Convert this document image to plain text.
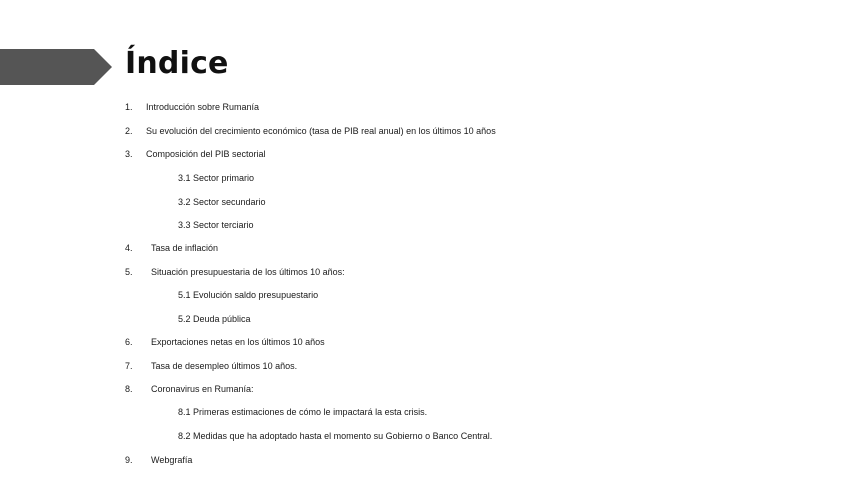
Índice
1. Introducción sobre Rumanía
2. Su evolución del crecimiento económico (tasa de PIB real anual) en los últimos 10 años
3. Composición del PIB sectorial
3.1 Sector primario
3.2 Sector secundario
3.3 Sector terciario
4. Tasa de inflación
5. Situación presupuestaria de los últimos 10 años:
5.1 Evolución saldo presupuestario
5.2 Deuda pública
6. Exportaciones netas en los últimos 10 años
7. Tasa de desempleo últimos 10 años.
8. Coronavirus en Rumanía:
8.1 Primeras estimaciones de cómo le impactará la esta crisis.
8.2 Medidas que ha adoptado hasta el momento su Gobierno o Banco Central.
9. Webgrafía
